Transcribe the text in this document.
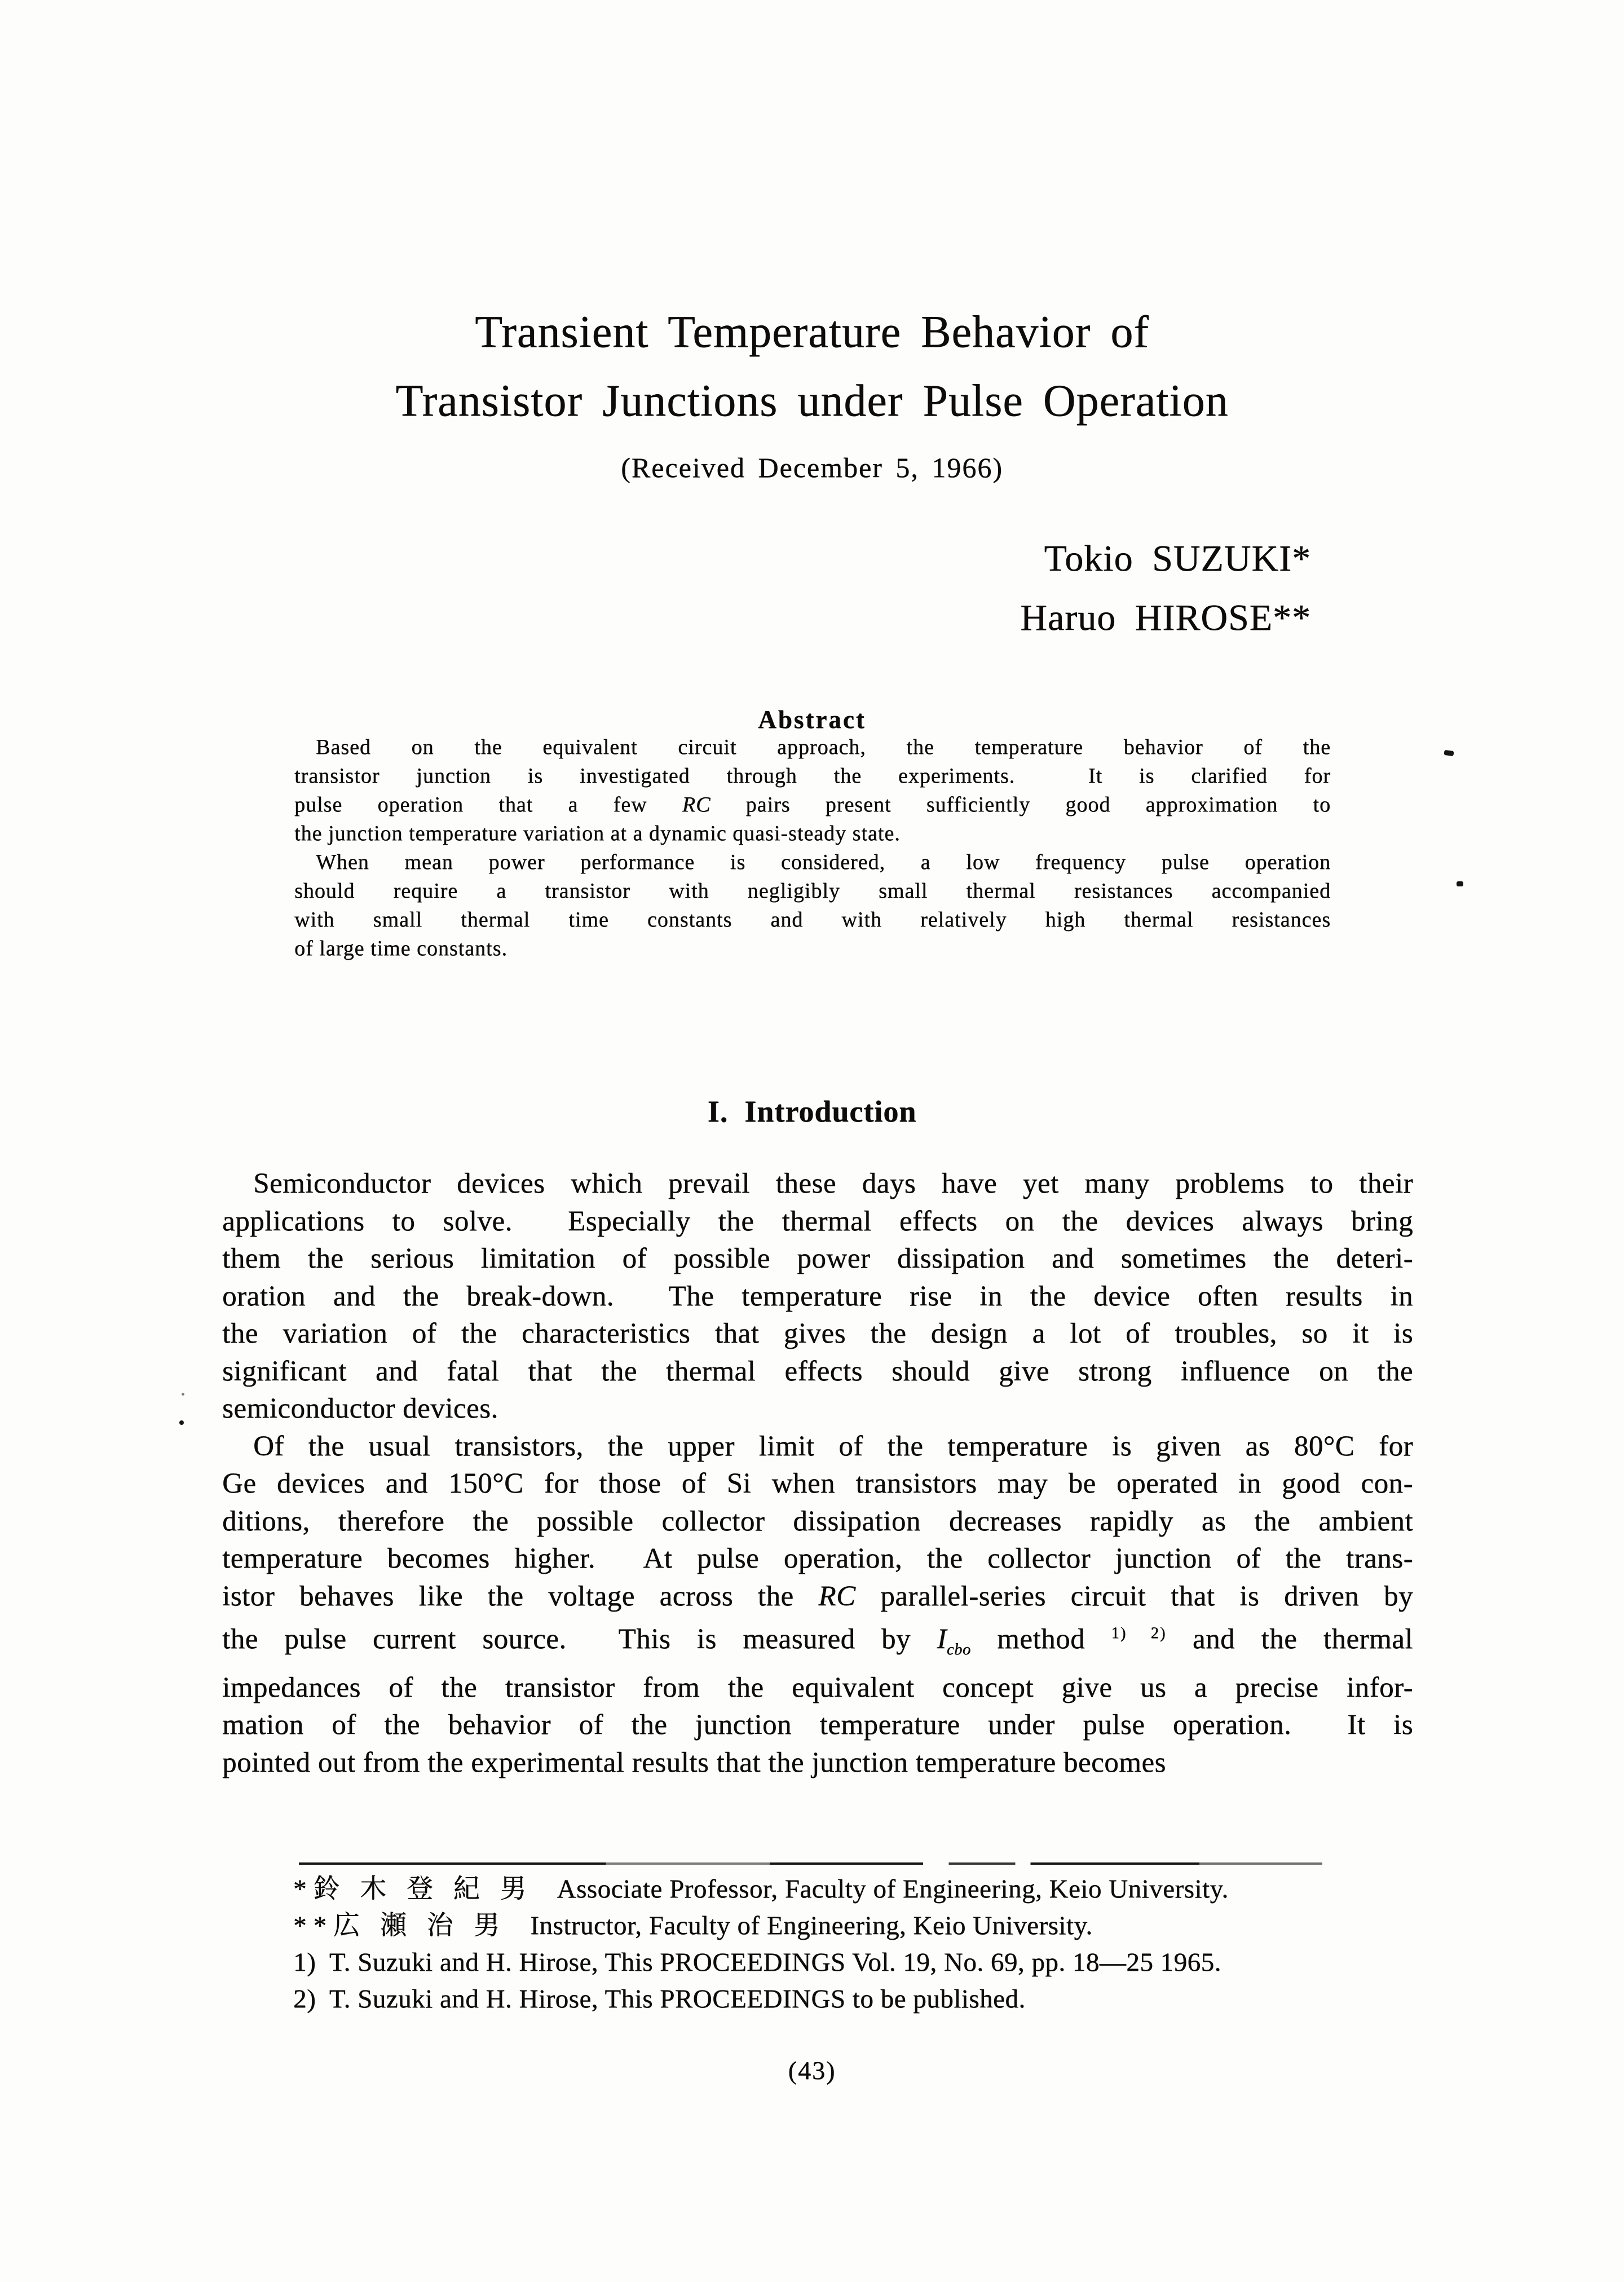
Transient Temperature Behavior of
Transistor Junctions under Pulse Operation
(Received December 5, 1966)
Tokio SUZUKI*
Haruo HIROSE**
Abstract
Based on the equivalent circuit approach, the temperature behavior of the
transistor junction is investigated through the experiments.  It is clarified for
pulse operation that a few RC pairs present sufficiently good approximation to
the junction temperature variation at a dynamic quasi-steady state.
When mean power performance is considered, a low frequency pulse operation
should require a transistor with negligibly small thermal resistances accompanied
with small thermal time constants and with relatively high thermal resistances
of large time constants.
I.  Introduction
Semiconductor devices which prevail these days have yet many problems to their
applications to solve.  Especially the thermal effects on the devices always bring
them the serious limitation of possible power dissipation and sometimes the deteri-
oration and the break-down.  The temperature rise in the device often results in
the variation of the characteristics that gives the design a lot of troubles, so it is
significant and fatal that the thermal effects should give strong influence on the
semiconductor devices.
Of the usual transistors, the upper limit of the temperature is given as 80°C for
Ge devices and 150°C for those of Si when transistors may be operated in good con-
ditions, therefore the possible collector dissipation decreases rapidly as the ambient
temperature becomes higher.  At pulse operation, the collector junction of the trans-
istor behaves like the voltage across the RC parallel-series circuit that is driven by
the pulse current source.  This is measured by $I_{cbo}$ method $^{1) 2)}$ and the thermal
impedances of the transistor from the equivalent concept give us a precise infor-
mation of the behavior of the junction temperature under pulse operation.  It is
pointed out from the experimental results that the junction temperature becomes
*鈴 木 登 紀 男 Associate Professor, Faculty of Engineering, Keio University.
**広 瀬 治 男 Instructor, Faculty of Engineering, Keio University.
1)  T. Suzuki and H. Hirose, This PROCEEDINGS Vol. 19, No. 69, pp. 18—25 1965.
2)  T. Suzuki and H. Hirose, This PROCEEDINGS to be published.
(43)
